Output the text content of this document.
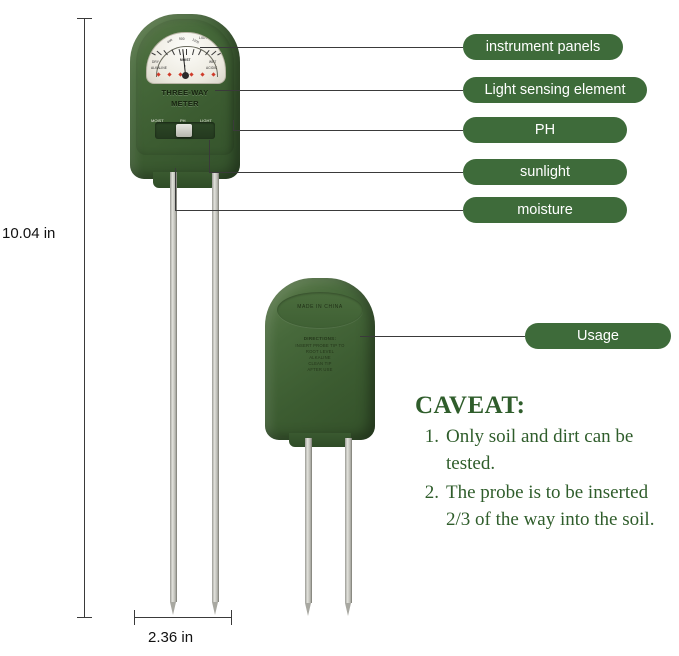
10.04 in
2.36 in
DARK	LIGHT
400 900 1200
DRY	MOIST	WET
ALKALINE	7	ACIDIC
THREE-WAY
METER
MOIST	PH	LIGHT
MADE IN CHINA
DIRECTIONS:
INSERT PROBE TIP TO
ROOT LEVEL
ALKALINE
CLEAN TIP
AFTER USE
instrument panels
Light sensing element
PH
sunlight
moisture
Usage
CAVEAT:
1. Only soil and dirt can be tested.
2. The probe is to be inserted 2/3 of the way into the soil.
